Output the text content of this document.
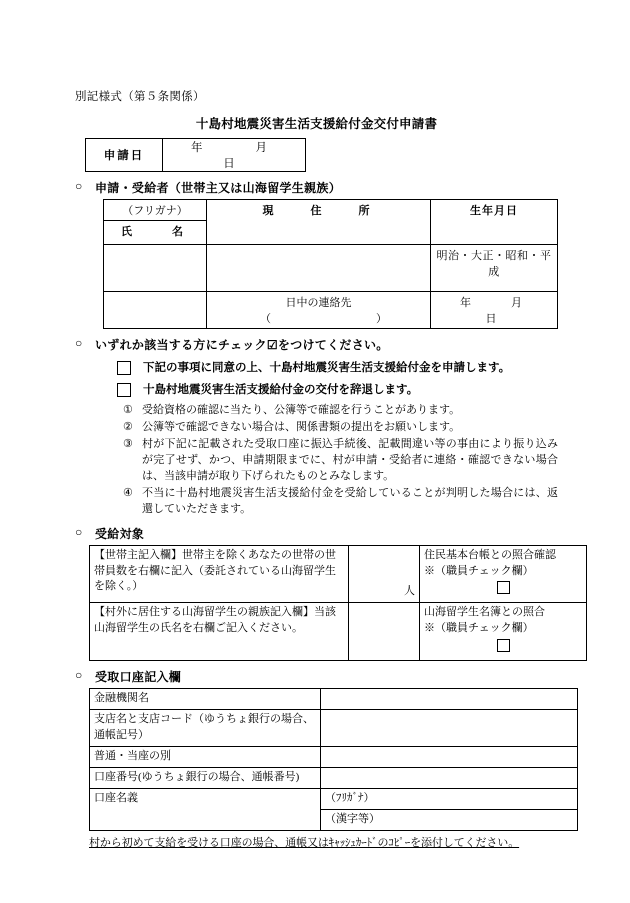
別記様式（第５条関係）
十島村地震災害生活支援給付金交付申請書
申請日	年　　月　　日
○	申請・受給者（世帯主又は山海留学生親族）
（フリガナ）	現　　住　　所	生年月日
氏　　名		
		明治・大正・昭和・平成
	日中の連絡先（　　　）	年　　月　　日
○	いずれか該当する方にチェック☑をつけてください。
下記の事項に同意の上、十島村地震災害生活支援給付金を申請します。
十島村地震災害生活支援給付金の交付を辞退します。
① 受給資格の確認に当たり、公簿等で確認を行うことがあります。
② 公簿等で確認できない場合は、関係書類の提出をお願いします。
③ 村が下記に記載された受取口座に振込手続後、記載間違い等の事由により振り込みが完了せず、かつ、申請期限までに、村が申請・受給者に連絡・確認できない場合は、当該申請が取り下げられたものとみなします。
④ 不当に十島村地震災害生活支援給付金を受給していることが判明した場合には、返還していただきます。
○	受給対象
【世帯主記入欄】世帯主を除くあなたの世帯の世帯員数を右欄に記入（委託されている山海留学生を除く。）	人	住民基本台帳との照合確認
※（職員チェック欄）

【村外に居住する山海留学生の親族記入欄】当該山海留学生の氏名を右欄ご記入ください。		山海留学生名簿との照合
※（職員チェック欄）
○	受取口座記入欄
金融機関名	
支店名と支店コード（ゆうちょ銀行の場合、通帳記号）	
普通・当座の別	
口座番号(ゆうちょ銀行の場合、通帳番号)	
口座名義	（ﾌﾘｶﾞﾅ）
	（漢字等）
村から初めて支給を受ける口座の場合、通帳又はｷｬｯｼｭｶｰﾄﾞのｺﾋﾟｰを添付してください。
